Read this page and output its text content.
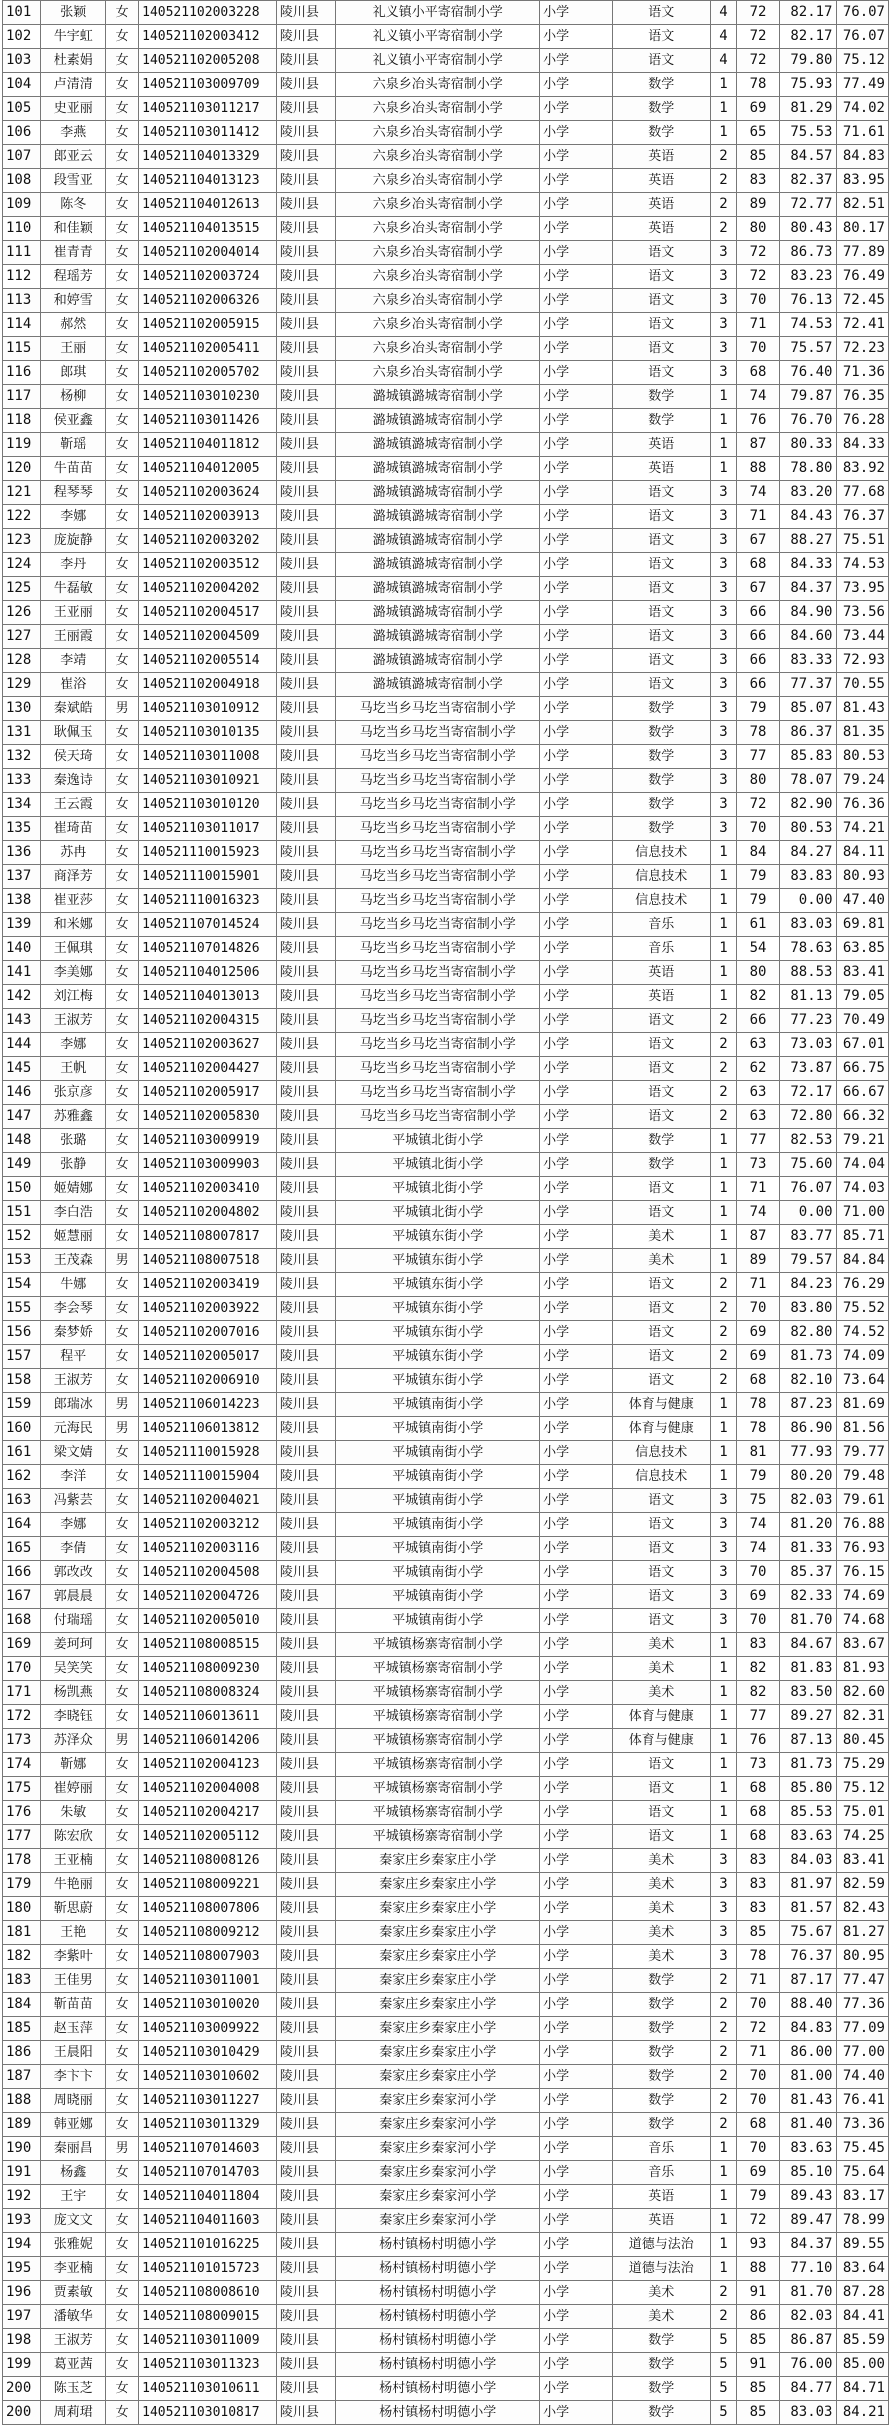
101	张颖	女	140521102003228	陵川县	礼义镇小平寄宿制小学	小学	语文	4	72	82.17	76.07
102	牛宇虹	女	140521102003412	陵川县	礼义镇小平寄宿制小学	小学	语文	4	72	82.17	76.07
103	杜素娟	女	140521102005208	陵川县	礼义镇小平寄宿制小学	小学	语文	4	72	79.80	75.12
104	卢清清	女	140521103009709	陵川县	六泉乡冶头寄宿制小学	小学	数学	1	78	75.93	77.49
105	史亚丽	女	140521103011217	陵川县	六泉乡冶头寄宿制小学	小学	数学	1	69	81.29	74.02
106	李燕	女	140521103011412	陵川县	六泉乡冶头寄宿制小学	小学	数学	1	65	75.53	71.61
107	郎亚云	女	140521104013329	陵川县	六泉乡冶头寄宿制小学	小学	英语	2	85	84.57	84.83
108	段雪亚	女	140521104013123	陵川县	六泉乡冶头寄宿制小学	小学	英语	2	83	82.37	83.95
109	陈冬	女	140521104012613	陵川县	六泉乡冶头寄宿制小学	小学	英语	2	89	72.77	82.51
110	和佳颖	女	140521104013515	陵川县	六泉乡冶头寄宿制小学	小学	英语	2	80	80.43	80.17
111	崔青青	女	140521102004014	陵川县	六泉乡冶头寄宿制小学	小学	语文	3	72	86.73	77.89
112	程瑶芳	女	140521102003724	陵川县	六泉乡冶头寄宿制小学	小学	语文	3	72	83.23	76.49
113	和婷雪	女	140521102006326	陵川县	六泉乡冶头寄宿制小学	小学	语文	3	70	76.13	72.45
114	郝然	女	140521102005915	陵川县	六泉乡冶头寄宿制小学	小学	语文	3	71	74.53	72.41
115	王丽	女	140521102005411	陵川县	六泉乡冶头寄宿制小学	小学	语文	3	70	75.57	72.23
116	郎琪	女	140521102005702	陵川县	六泉乡冶头寄宿制小学	小学	语文	3	68	76.40	71.36
117	杨柳	女	140521103010230	陵川县	潞城镇潞城寄宿制小学	小学	数学	1	74	79.87	76.35
118	侯亚鑫	女	140521103011426	陵川县	潞城镇潞城寄宿制小学	小学	数学	1	76	76.70	76.28
119	靳瑶	女	140521104011812	陵川县	潞城镇潞城寄宿制小学	小学	英语	1	87	80.33	84.33
120	牛苗苗	女	140521104012005	陵川县	潞城镇潞城寄宿制小学	小学	英语	1	88	78.80	83.92
121	程琴琴	女	140521102003624	陵川县	潞城镇潞城寄宿制小学	小学	语文	3	74	83.20	77.68
122	李娜	女	140521102003913	陵川县	潞城镇潞城寄宿制小学	小学	语文	3	71	84.43	76.37
123	庞旋静	女	140521102003202	陵川县	潞城镇潞城寄宿制小学	小学	语文	3	67	88.27	75.51
124	李丹	女	140521102003512	陵川县	潞城镇潞城寄宿制小学	小学	语文	3	68	84.33	74.53
125	牛磊敏	女	140521102004202	陵川县	潞城镇潞城寄宿制小学	小学	语文	3	67	84.37	73.95
126	王亚丽	女	140521102004517	陵川县	潞城镇潞城寄宿制小学	小学	语文	3	66	84.90	73.56
127	王丽霞	女	140521102004509	陵川县	潞城镇潞城寄宿制小学	小学	语文	3	66	84.60	73.44
128	李靖	女	140521102005514	陵川县	潞城镇潞城寄宿制小学	小学	语文	3	66	83.33	72.93
129	崔浴	女	140521102004918	陵川县	潞城镇潞城寄宿制小学	小学	语文	3	66	77.37	70.55
130	秦斌皓	男	140521103010912	陵川县	马圪当乡马圪当寄宿制小学	小学	数学	3	79	85.07	81.43
131	耿佩玉	女	140521103010135	陵川县	马圪当乡马圪当寄宿制小学	小学	数学	3	78	86.37	81.35
132	侯天琦	女	140521103011008	陵川县	马圪当乡马圪当寄宿制小学	小学	数学	3	77	85.83	80.53
133	秦逸诗	女	140521103010921	陵川县	马圪当乡马圪当寄宿制小学	小学	数学	3	80	78.07	79.24
134	王云霞	女	140521103010120	陵川县	马圪当乡马圪当寄宿制小学	小学	数学	3	72	82.90	76.36
135	崔琦苗	女	140521103011017	陵川县	马圪当乡马圪当寄宿制小学	小学	数学	3	70	80.53	74.21
136	苏冉	女	140521110015923	陵川县	马圪当乡马圪当寄宿制小学	小学	信息技术	1	84	84.27	84.11
137	商泽芳	女	140521110015901	陵川县	马圪当乡马圪当寄宿制小学	小学	信息技术	1	79	83.83	80.93
138	崔亚莎	女	140521110016323	陵川县	马圪当乡马圪当寄宿制小学	小学	信息技术	1	79	0.00	47.40
139	和米娜	女	140521107014524	陵川县	马圪当乡马圪当寄宿制小学	小学	音乐	1	61	83.03	69.81
140	王佩琪	女	140521107014826	陵川县	马圪当乡马圪当寄宿制小学	小学	音乐	1	54	78.63	63.85
141	李美娜	女	140521104012506	陵川县	马圪当乡马圪当寄宿制小学	小学	英语	1	80	88.53	83.41
142	刘江梅	女	140521104013013	陵川县	马圪当乡马圪当寄宿制小学	小学	英语	1	82	81.13	79.05
143	王淑芳	女	140521102004315	陵川县	马圪当乡马圪当寄宿制小学	小学	语文	2	66	77.23	70.49
144	李娜	女	140521102003627	陵川县	马圪当乡马圪当寄宿制小学	小学	语文	2	63	73.03	67.01
145	王帆	女	140521102004427	陵川县	马圪当乡马圪当寄宿制小学	小学	语文	2	62	73.87	66.75
146	张京彦	女	140521102005917	陵川县	马圪当乡马圪当寄宿制小学	小学	语文	2	63	72.17	66.67
147	苏雅鑫	女	140521102005830	陵川县	马圪当乡马圪当寄宿制小学	小学	语文	2	63	72.80	66.32
148	张璐	女	140521103009919	陵川县	平城镇北街小学	小学	数学	1	77	82.53	79.21
149	张静	女	140521103009903	陵川县	平城镇北街小学	小学	数学	1	73	75.60	74.04
150	姬婧娜	女	140521102003410	陵川县	平城镇北街小学	小学	语文	1	71	76.07	74.03
151	李白浩	女	140521102004802	陵川县	平城镇北街小学	小学	语文	1	74	0.00	71.00
152	姬慧丽	女	140521108007817	陵川县	平城镇东街小学	小学	美术	1	87	83.77	85.71
153	王茂森	男	140521108007518	陵川县	平城镇东街小学	小学	美术	1	89	79.57	84.84
154	牛娜	女	140521102003419	陵川县	平城镇东街小学	小学	语文	2	71	84.23	76.29
155	李会琴	女	140521102003922	陵川县	平城镇东街小学	小学	语文	2	70	83.80	75.52
156	秦梦娇	女	140521102007016	陵川县	平城镇东街小学	小学	语文	2	69	82.80	74.52
157	程平	女	140521102005017	陵川县	平城镇东街小学	小学	语文	2	69	81.73	74.09
158	王淑芳	女	140521102006910	陵川县	平城镇东街小学	小学	语文	2	68	82.10	73.64
159	郎瑞冰	男	140521106014223	陵川县	平城镇南街小学	小学	体育与健康	1	78	87.23	81.69
160	元海民	男	140521106013812	陵川县	平城镇南街小学	小学	体育与健康	1	78	86.90	81.56
161	梁文婧	女	140521110015928	陵川县	平城镇南街小学	小学	信息技术	1	81	77.93	79.77
162	李洋	女	140521110015904	陵川县	平城镇南街小学	小学	信息技术	1	79	80.20	79.48
163	冯紫芸	女	140521102004021	陵川县	平城镇南街小学	小学	语文	3	75	82.03	79.61
164	李娜	女	140521102003212	陵川县	平城镇南街小学	小学	语文	3	74	81.20	76.88
165	李倩	女	140521102003116	陵川县	平城镇南街小学	小学	语文	3	74	81.33	76.93
166	郭改改	女	140521102004508	陵川县	平城镇南街小学	小学	语文	3	70	85.37	76.15
167	郭晨晨	女	140521102004726	陵川县	平城镇南街小学	小学	语文	3	69	82.33	74.69
168	付瑞瑶	女	140521102005010	陵川县	平城镇南街小学	小学	语文	3	70	81.70	74.68
169	姜珂珂	女	140521108008515	陵川县	平城镇杨寨寄宿制小学	小学	美术	1	83	84.67	83.67
170	吴笑笑	女	140521108009230	陵川县	平城镇杨寨寄宿制小学	小学	美术	1	82	81.83	81.93
171	杨凯燕	女	140521108008324	陵川县	平城镇杨寨寄宿制小学	小学	美术	1	82	83.50	82.60
172	李晓钰	女	140521106013611	陵川县	平城镇杨寨寄宿制小学	小学	体育与健康	1	77	89.27	82.31
173	苏泽众	男	140521106014206	陵川县	平城镇杨寨寄宿制小学	小学	体育与健康	1	76	87.13	80.45
174	靳娜	女	140521102004123	陵川县	平城镇杨寨寄宿制小学	小学	语文	1	73	81.73	75.29
175	崔婷丽	女	140521102004008	陵川县	平城镇杨寨寄宿制小学	小学	语文	1	68	85.80	75.12
176	朱敏	女	140521102004217	陵川县	平城镇杨寨寄宿制小学	小学	语文	1	68	85.53	75.01
177	陈宏欣	女	140521102005112	陵川县	平城镇杨寨寄宿制小学	小学	语文	1	68	83.63	74.25
178	王亚楠	女	140521108008126	陵川县	秦家庄乡秦家庄小学	小学	美术	3	83	84.03	83.41
179	牛艳丽	女	140521108009221	陵川县	秦家庄乡秦家庄小学	小学	美术	3	83	81.97	82.59
180	靳思蔚	女	140521108007806	陵川县	秦家庄乡秦家庄小学	小学	美术	3	83	81.57	82.43
181	王艳	女	140521108009212	陵川县	秦家庄乡秦家庄小学	小学	美术	3	85	75.67	81.27
182	李紫叶	女	140521108007903	陵川县	秦家庄乡秦家庄小学	小学	美术	3	78	76.37	80.95
183	王佳男	女	140521103011001	陵川县	秦家庄乡秦家庄小学	小学	数学	2	71	87.17	77.47
184	靳苗苗	女	140521103010020	陵川县	秦家庄乡秦家庄小学	小学	数学	2	70	88.40	77.36
185	赵玉萍	女	140521103009922	陵川县	秦家庄乡秦家庄小学	小学	数学	2	72	84.83	77.09
186	王晨阳	女	140521103010429	陵川县	秦家庄乡秦家庄小学	小学	数学	2	71	86.00	77.00
187	李卞卞	女	140521103010602	陵川县	秦家庄乡秦家庄小学	小学	数学	2	70	81.00	74.40
188	周晓丽	女	140521103011227	陵川县	秦家庄乡秦家河小学	小学	数学	2	70	81.43	76.41
189	韩亚娜	女	140521103011329	陵川县	秦家庄乡秦家河小学	小学	数学	2	68	81.40	73.36
190	秦丽昌	男	140521107014603	陵川县	秦家庄乡秦家河小学	小学	音乐	1	70	83.63	75.45
191	杨鑫	女	140521107014703	陵川县	秦家庄乡秦家河小学	小学	音乐	1	69	85.10	75.64
192	王宇	女	140521104011804	陵川县	秦家庄乡秦家河小学	小学	英语	1	79	89.43	83.17
193	庞文文	女	140521104011603	陵川县	秦家庄乡秦家河小学	小学	英语	1	72	89.47	78.99
194	张雅妮	女	140521101016225	陵川县	杨村镇杨村明德小学	小学	道德与法治	1	93	84.37	89.55
195	李亚楠	女	140521101015723	陵川县	杨村镇杨村明德小学	小学	道德与法治	1	88	77.10	83.64
196	贾素敏	女	140521108008610	陵川县	杨村镇杨村明德小学	小学	美术	2	91	81.70	87.28
197	潘敏华	女	140521108009015	陵川县	杨村镇杨村明德小学	小学	美术	2	86	82.03	84.41
198	王淑芳	女	140521103011009	陵川县	杨村镇杨村明德小学	小学	数学	5	85	86.87	85.59
199	葛亚茜	女	140521103011323	陵川县	杨村镇杨村明德小学	小学	数学	5	91	76.00	85.00
200	陈玉芝	女	140521103010611	陵川县	杨村镇杨村明德小学	小学	数学	5	85	84.77	84.71
200	周莉珺	女	140521103010817	陵川县	杨村镇杨村明德小学	小学	数学	5	85	83.03	84.21
